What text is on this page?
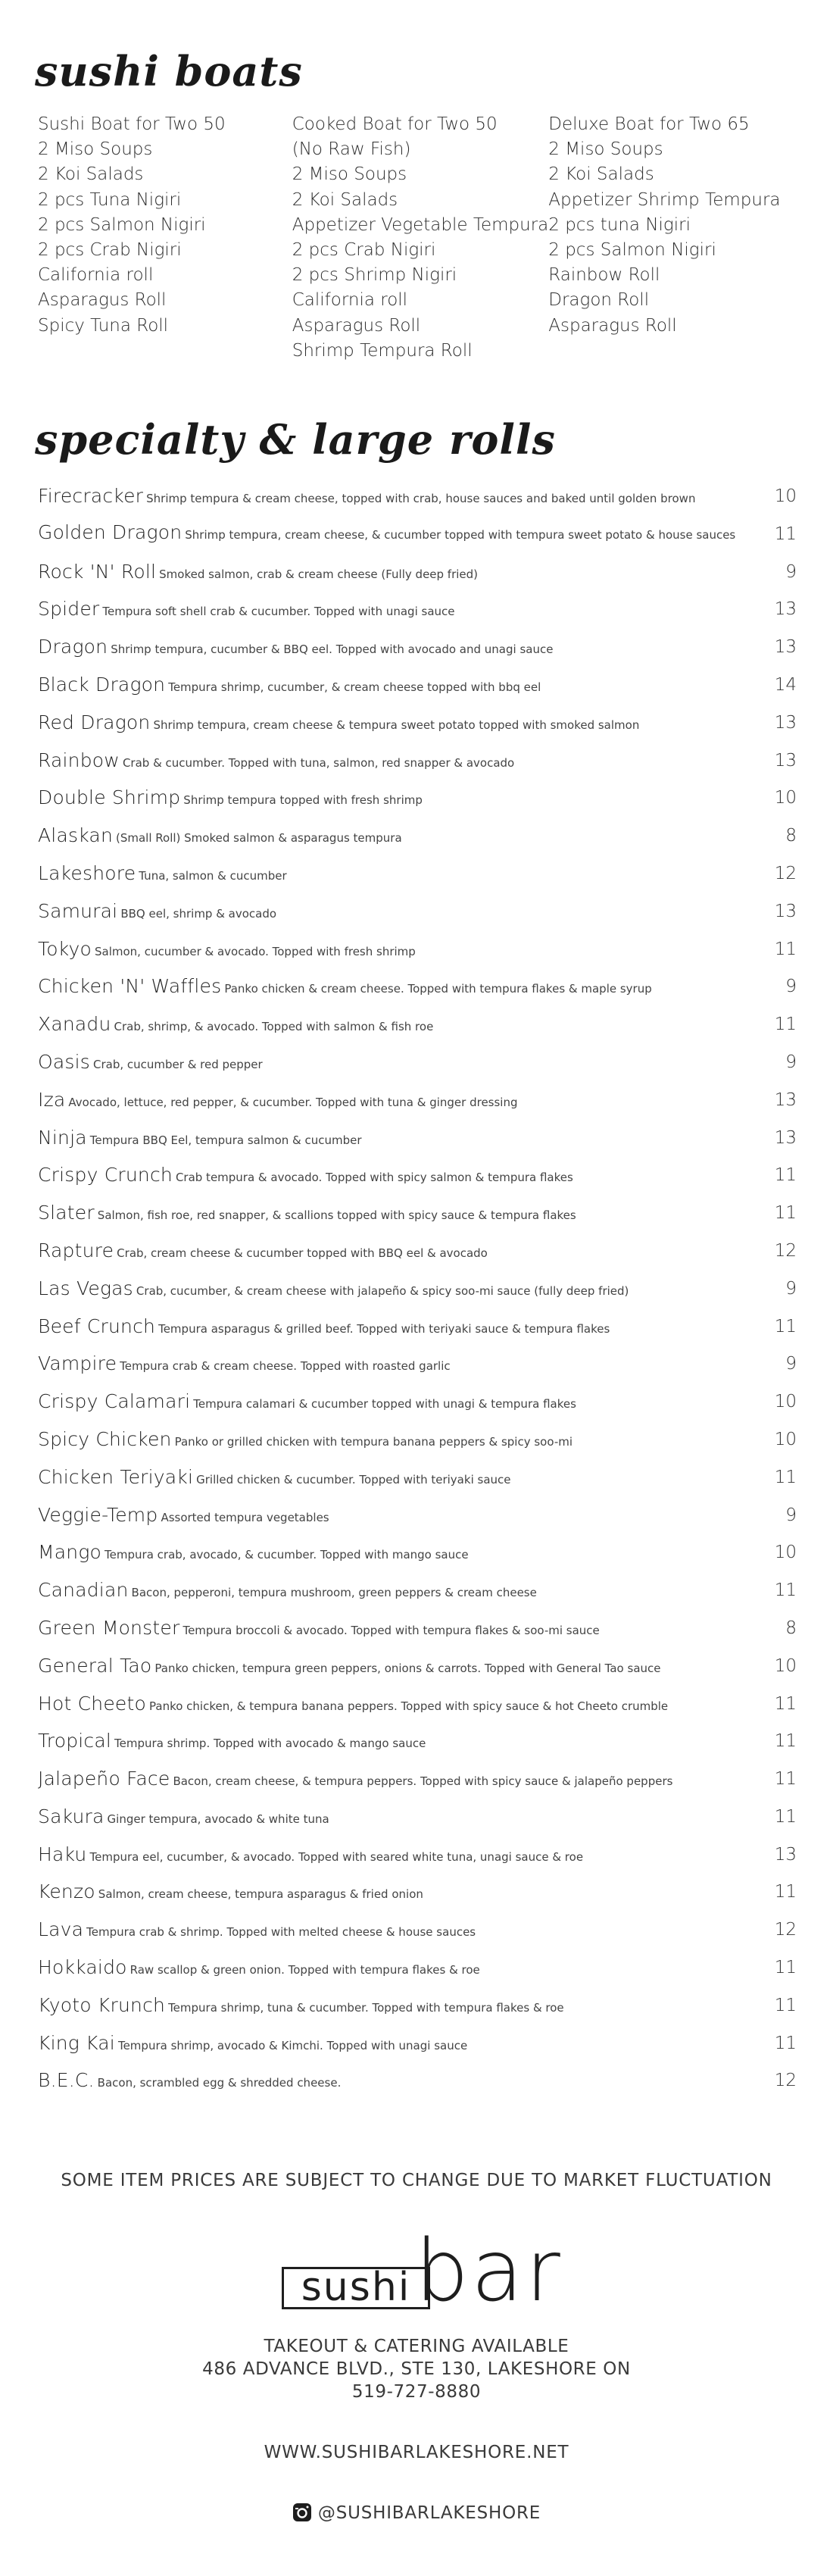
sushi boats
Sushi Boat for Two 50
2 Miso Soups
2 Koi Salads
2 pcs Tuna Nigiri
2 pcs Salmon Nigiri
2 pcs Crab Nigiri
California roll
Asparagus Roll
Spicy Tuna Roll
Cooked Boat for Two 50
(No Raw Fish)
2 Miso Soups
2 Koi Salads
Appetizer Vegetable Tempura
2 pcs Crab Nigiri
2 pcs Shrimp Nigiri
California roll
Asparagus Roll
Shrimp Tempura Roll
Deluxe Boat for Two 65
2 Miso Soups
2 Koi Salads
Appetizer Shrimp Tempura
2 pcs tuna Nigiri
2 pcs Salmon Nigiri
Rainbow Roll
Dragon Roll
Asparagus Roll
specialty & large rolls
Firecracker Shrimp tempura & cream cheese, topped with crab, house sauces and baked until golden brown	10
Golden Dragon Shrimp tempura, cream cheese, & cucumber topped with tempura sweet potato & house sauces	11
Rock 'N' Roll Smoked salmon, crab & cream cheese (Fully deep fried)	9
Spider Tempura soft shell crab & cucumber. Topped with unagi sauce	13
Dragon Shrimp tempura, cucumber & BBQ eel. Topped with avocado and unagi sauce	13
Black Dragon Tempura shrimp, cucumber, & cream cheese topped with bbq eel	14
Red Dragon Shrimp tempura, cream cheese & tempura sweet potato topped with smoked salmon	13
Rainbow Crab & cucumber. Topped with tuna, salmon, red snapper & avocado	13
Double Shrimp Shrimp tempura topped with fresh shrimp	10
Alaskan (Small Roll) Smoked salmon & asparagus tempura	8
Lakeshore Tuna, salmon & cucumber	12
Samurai BBQ eel, shrimp & avocado	13
Tokyo Salmon, cucumber & avocado. Topped with fresh shrimp	11
Chicken 'N' Waffles Panko chicken & cream cheese. Topped with tempura flakes & maple syrup	9
Xanadu Crab, shrimp, & avocado. Topped with salmon & fish roe	11
Oasis Crab, cucumber & red pepper	9
Iza Avocado, lettuce, red pepper, & cucumber. Topped with tuna & ginger dressing	13
Ninja Tempura BBQ Eel, tempura salmon & cucumber	13
Crispy Crunch Crab tempura & avocado. Topped with spicy salmon & tempura flakes	11
Slater Salmon, fish roe, red snapper, & scallions topped with spicy sauce & tempura flakes	11
Rapture Crab, cream cheese & cucumber topped with BBQ eel & avocado	12
Las Vegas Crab, cucumber, & cream cheese with jalapeño & spicy soo-mi sauce (fully deep fried)	9
Beef Crunch Tempura asparagus & grilled beef. Topped with teriyaki sauce & tempura flakes	11
Vampire Tempura crab & cream cheese. Topped with roasted garlic	9
Crispy Calamari Tempura calamari & cucumber topped with unagi & tempura flakes	10
Spicy Chicken Panko or grilled chicken with tempura banana peppers & spicy soo-mi	10
Chicken Teriyaki Grilled chicken & cucumber. Topped with teriyaki sauce	11
Veggie-Temp Assorted tempura vegetables	9
Mango Tempura crab, avocado, & cucumber. Topped with mango sauce	10
Canadian Bacon, pepperoni, tempura mushroom, green peppers & cream cheese	11
Green Monster Tempura broccoli & avocado. Topped with tempura flakes & soo-mi sauce	8
General Tao Panko chicken, tempura green peppers, onions & carrots. Topped with General Tao sauce	10
Hot Cheeto Panko chicken, & tempura banana peppers. Topped with spicy sauce & hot Cheeto crumble	11
Tropical Tempura shrimp. Topped with avocado & mango sauce	11
Jalapeño Face Bacon, cream cheese, & tempura peppers. Topped with spicy sauce & jalapeño peppers	11
Sakura Ginger tempura, avocado & white tuna	11
Haku Tempura eel, cucumber, & avocado. Topped with seared white tuna, unagi sauce & roe	13
Kenzo Salmon, cream cheese, tempura asparagus & fried onion	11
Lava Tempura crab & shrimp. Topped with melted cheese & house sauces	12
Hokkaido Raw scallop & green onion. Topped with tempura flakes & roe	11
Kyoto Krunch Tempura shrimp, tuna & cucumber. Topped with tempura flakes & roe	11
King Kai Tempura shrimp, avocado & Kimchi. Topped with unagi sauce	11
B.E.C. Bacon, scrambled egg & shredded cheese.	12
SOME ITEM PRICES ARE SUBJECT TO CHANGE DUE TO MARKET FLUCTUATION
sushi bar
TAKEOUT & CATERING AVAILABLE
486 ADVANCE BLVD., STE 130, LAKESHORE ON
519-727-8880
WWW.SUSHIBARLAKESHORE.NET
@SUSHIBARLAKESHORE
